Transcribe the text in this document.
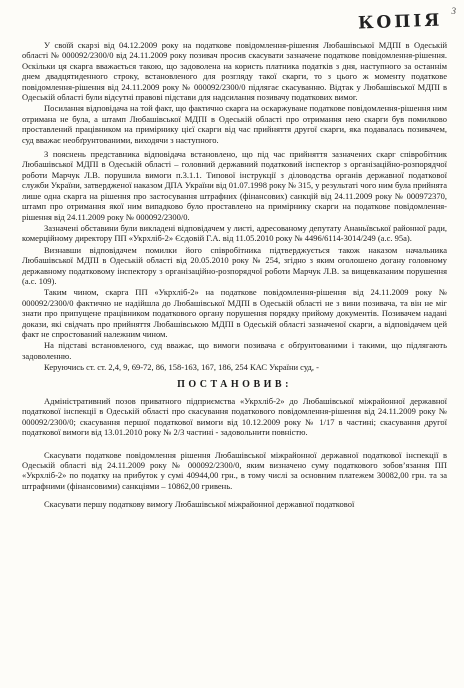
КОПІЯ 3

У своїй скарзі від 04.12.2009 року на податкове повідомлення-рішення Любашівської МДПІ в Одеській області № 000092/2300/0 від 24.11.2009 року позивач просив скасувати зазначене податкове повідомлення-рішення. Оскільки ця скарга вважається такою, що задоволена на користь платника податків з дня, наступного за останнім днем двадцятиденного строку, встановленого для розгляду такої скарги, то з цього ж моменту податкове повідомлення-рішення від 24.11.2009 року № 000092/2300/0 підлягає скасуванню. Відтак у Любашівської МДПІ в Одеській області були відсутні правові підстави для надсилання позивачу податкових вимог.

Посилання відповідача на той факт, що фактично скарга на оскаржуване податкове повідомлення-рішення ним отримана не була, а штамп Любашівської МДПІ в Одеській області про отримання нею скарги був помилково проставлений працівником на примірнику цієї скарги від час прийняття другої скарги, яка подавалась позивачем, суд вважає необґрунтованими, виходячи з наступного.

З пояснень представника відповідача встановлено, що під час прийняття зазначених скарг співробітник Любашівської МДПІ в Одеській області – головний державний податковий інспектор з організаційно-розпорядчої роботи Марчук Л.В. порушила вимоги п.3.1.1. Типової інструкції з діловодства органів державної податкової служби України, затвердженої наказом ДПА України від 01.07.1998 року № 315, у результаті чого ним була прийнята лише одна скарга на рішення про застосування штрафних (фінансових) санкцій від 24.11.2009 року № 000972370, штамп про отримання якої ним випадково було проставлено на примірнику скарги на податкове повідомлення-рішення від 24.11.2009 року № 000092/2300/0.

Зазначені обставини були викладені відповідачем у листі, адресованому депутату Ананьївської районної ради, комерційному директору ПП «Укрхліб-2» Єсдовій Г.А. від 11.05.2010 року № 4496/6114-3014/249 (а.с. 95а).

Визнавши відповідачем помилки його співробітника підтверджується також наказом начальника Любашівської МДПІ в Одеській області від 20.05.2010 року № 254, згідно з яким оголошено догану головному державному податковому інспектору з організаційно-розпорядчої роботи Марчук Л.В. за вищевказаним порушення (а.с. 109).

Таким чином, скарга ПП «Укрхліб-2» на податкове повідомлення-рішення від 24.11.2009 року № 000092/2300/0 фактично не надійшла до Любашівської МДПІ в Одеській області не з вини позивача, та він не міг знати про припущене працівником податкового органу порушення порядку прийому документів. Позивачем надані докази, які свідчать про прийняття Любашівською МДПІ в Одеській області зазначеної скарги, а відповідачем цей факт не спростований належним чином.

На підставі встановленого, суд вважає, що вимоги позивача є обґрунтованими і такими, що підлягають задоволенню.

Керуючись ст. ст. 2,4, 9, 69-72, 86, 158-163, 167, 186, 254 КАС України суд, -

ПОСТАНОВИВ:

Адміністративний позов приватного підприємства «Укрхліб-2» до Любашівської міжрайонної державної податкової інспекції в Одеській області про скасування податкового повідомлення-рішення від 24.11.2009 року № 000092/2300/0; скасування першої податкової вимоги від 10.12.2009 року № 1/17 в частині; скасування другої податкової вимоги від 13.01.2010 року № 2/3 частині - задовольнити повністю.

Скасувати податкове повідомлення рішення Любашівської міжрайонної державної податкової інспекції в Одеській області від 24.11.2009 року № 000092/2300/0, яким визначено суму податкового зобов’язання ПП «Укрхліб-2» по податку на прибуток у сумі 40944,00 грн., в тому числі за основним платежем 30082,00 грн. та за штрафними (фінансовими) санкціями – 10862,00 гривень.

Скасувати першу податкову вимогу Любашівської міжрайонної державної податкової
